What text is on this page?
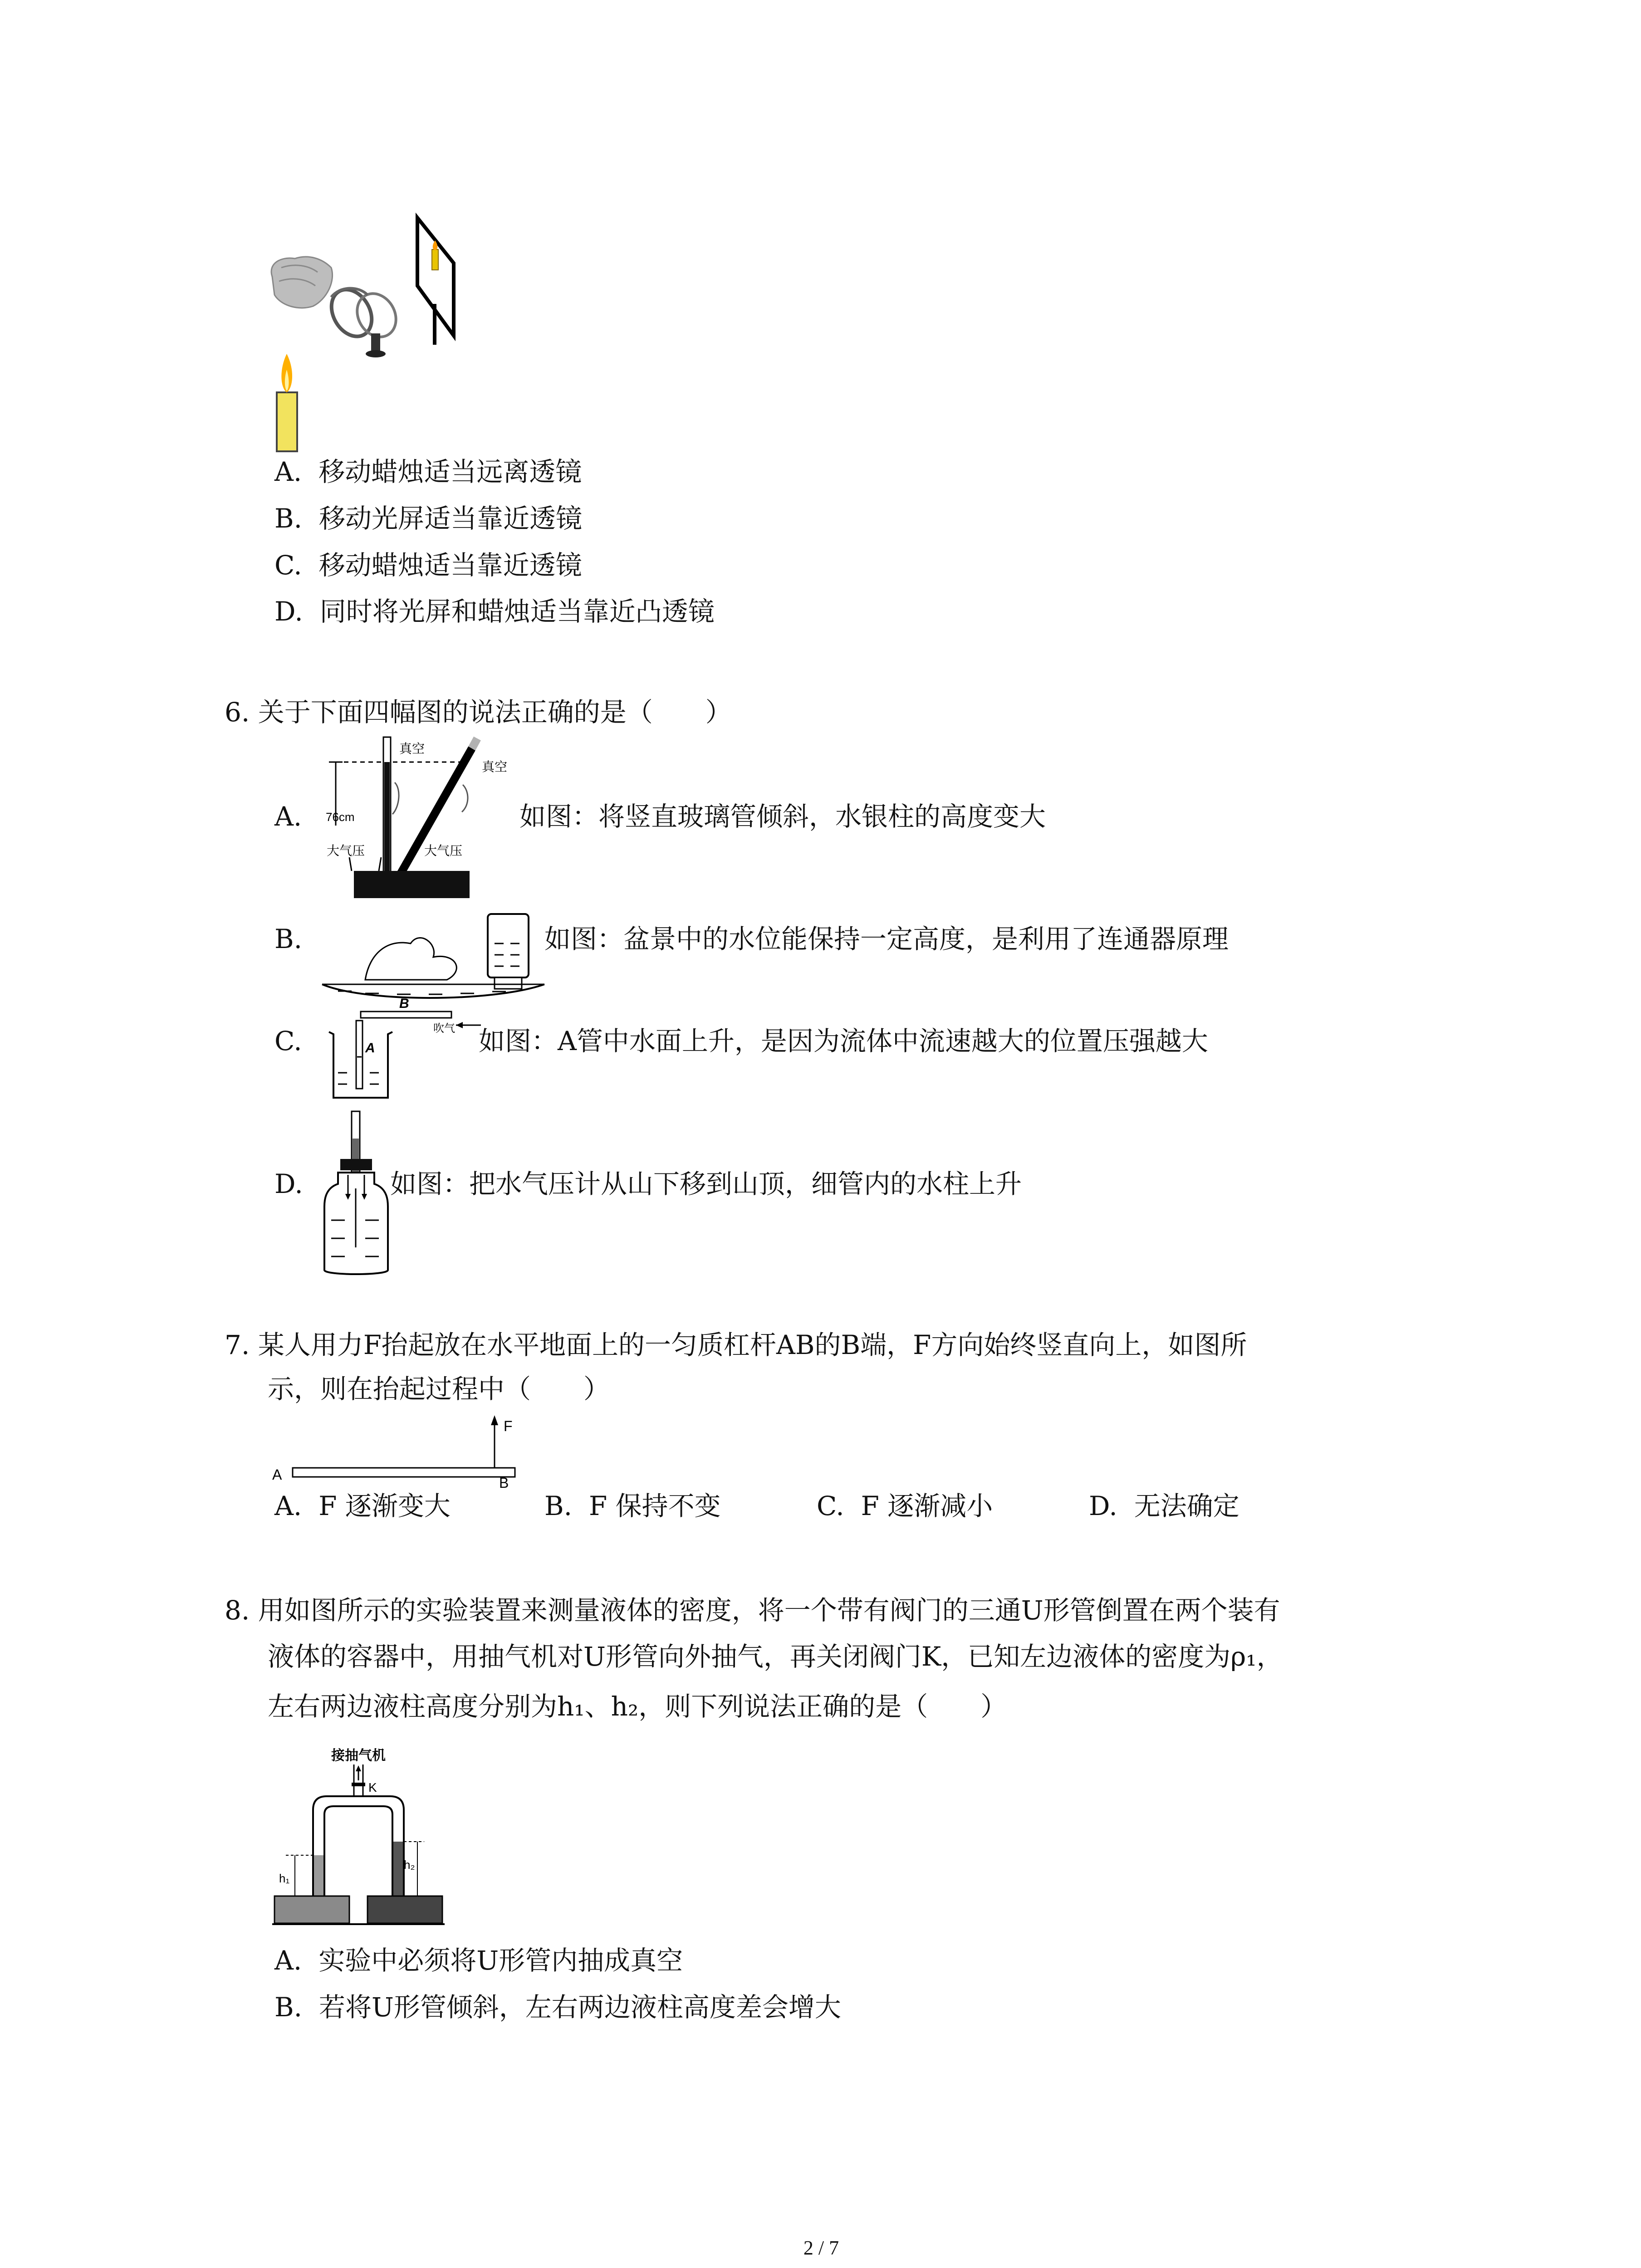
A. 移动蜡烛适当远离透镜
B. 移动光屏适当靠近透镜
C. 移动蜡烛适当靠近透镜
D. 同时将光屏和蜡烛适当靠近凸透镜
6. 关于下面四幅图的说法正确的是（　　）
76cm
真空
真空
大气压	大气压
A.	如图：将竖直玻璃管倾斜，水银柱的高度变大
B.	如图：盆景中的水位能保持一定高度，是利用了连通器原理
B
吹气
A
C.	如图：A管中水面上升，是因为流体中流速越大的位置压强越大
D.	如图：把水气压计从山下移到山顶，细管内的水柱上升
7. 某人用力F抬起放在水平地面上的一匀质杠杆AB的B端，F方向始终竖直向上，如图所
示，则在抬起过程中（　　）
A	B
F
A. F 逐渐变大	B. F 保持不变	C. F 逐渐减小	D. 无法确定
8. 用如图所示的实验装置来测量液体的密度，将一个带有阀门的三通U形管倒置在两个装有
液体的容器中，用抽气机对U形管向外抽气，再关闭阀门K，已知左边液体的密度为ρ₁，
左右两边液柱高度分别为h₁、h₂，则下列说法正确的是（　　）
接抽气机
K
h₁
h₂
A. 实验中必须将U形管内抽成真空
B. 若将U形管倾斜，左右两边液柱高度差会增大
2 / 7
